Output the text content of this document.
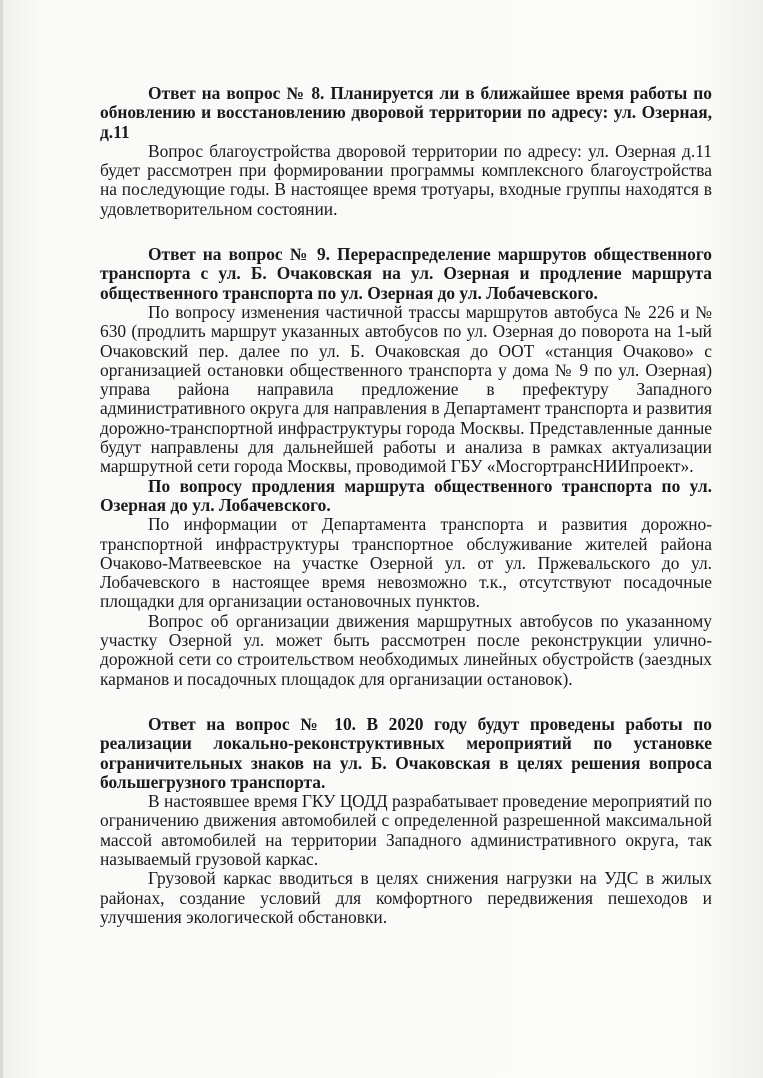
Ответ на вопрос № 8. Планируется ли в ближайшее время работы по обновлению и восстановлению дворовой территории по адресу: ул. Озерная, д.11

Вопрос благоустройства дворовой территории по адресу: ул. Озерная д.11 будет рассмотрен при формировании программы комплексного благоустройства на последующие годы. В настоящее время тротуары, входные группы находятся в удовлетворительном состоянии.

Ответ на вопрос № 9. Перераспределение маршрутов общественного транспорта с ул. Б. Очаковская на ул. Озерная и продление маршрута общественного транспорта по ул. Озерная до ул. Лобачевского.

По вопросу изменения частичной трассы маршрутов автобуса № 226 и № 630 (продлить маршрут указанных автобусов по ул. Озерная до поворота на 1-ый Очаковский пер. далее по ул. Б. Очаковская до ООТ «станция Очаково» с организацией остановки общественного транспорта у дома № 9 по ул. Озерная) управа района направила предложение в префектуру Западного административного округа для направления в Департамент транспорта и развития дорожно-транспортной инфраструктуры города Москвы. Представленные данные будут направлены для дальнейшей работы и анализа в рамках актуализации маршрутной сети города Москвы, проводимой ГБУ «МосгортрансНИИпроект».

По вопросу продления маршрута общественного транспорта по ул. Озерная до ул. Лобачевского.

По информации от Департамента транспорта и развития дорожно-транспортной инфраструктуры транспортное обслуживание жителей района Очаково-Матвеевское на участке Озерной ул. от ул. Пржевальского до ул. Лобачевского в настоящее время невозможно т.к., отсутствуют посадочные площадки для организации остановочных пунктов.

Вопрос об организации движения маршрутных автобусов по указанному участку Озерной ул. может быть рассмотрен после реконструкции улично-дорожной сети со строительством необходимых линейных обустройств (заездных карманов и посадочных площадок для организации остановок).

Ответ на вопрос № 10. В 2020 году будут проведены работы по реализации локально-реконструктивных мероприятий по установке ограничительных знаков на ул. Б. Очаковская в целях решения вопроса большегрузного транспорта.

В настоявшее время ГКУ ЦОДД разрабатывает проведение мероприятий по ограничению движения автомобилей с определенной разрешенной максимальной массой автомобилей на территории Западного административного округа, так называемый грузовой каркас.

Грузовой каркас вводиться в целях снижения нагрузки на УДС в жилых районах, создание условий для комфортного передвижения пешеходов и улучшения экологической обстановки.
